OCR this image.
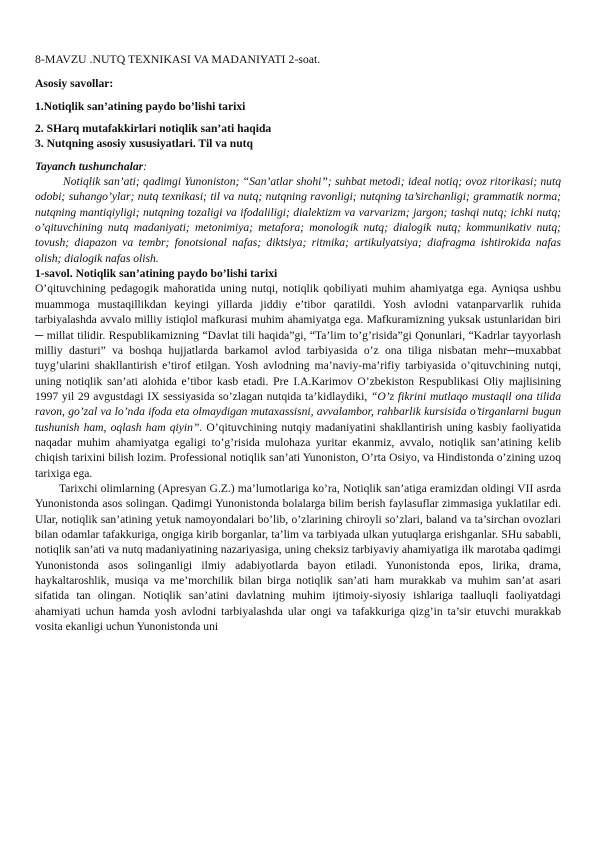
8-MAVZU .NUTQ TEXNIKASI VA MADANIYATI 2-soat.
Asosiy savollar:
1.Notiqlik san’atining paydo bo’lishi tarixi
2. SHarq mutafakkirlari notiqlik san’ati haqida
3. Nutqning asosiy xususiyatlari. Til va nutq
Tayanch tushunchalar:

Notiqlik san’ati; qadimgi Yunoniston; “San’atlar shohi”; suhbat metodi; ideal notiq; ovoz ritorikasi; nutq odobi; suhango’ylar; nutq texnikasi; til va nutq; nutqning ravonligi; nutqning ta’sirchanligi; grammatik norma; nutqning mantiqiyligi; nutqning tozaligi va ifodaliligi; dialektizm va varvarizm; jargon; tashqi nutq; ichki nutq; o’qituvchining nutq madaniyati; metonimiya; metafora; monologik nutq; dialogik nutq; kommunikativ nutq; tovush; diapazon va tembr; fonotsional nafas; diktsiya; ritmika; artikulyatsiya; diafragma ishtirokida nafas olish; dialogik nafas olish.

1-savol. Notiqlik san’atining paydo bo’lishi tarixi

O’qituvchining pedagogik mahoratida uning nutqi, notiqlik qobiliyati muhim ahamiyatga ega. Ayniqsa ushbu muammoga mustaqillikdan keyingi yillarda jiddiy e’tibor qaratildi. Yosh avlodni vatanparvarlik ruhida tarbiyalashda avvalo milliy istiqlol mafkurasi muhim ahamiyatga ega. Mafkuramizning yuksak ustunlaridan biri ─ millat tilidir. Respublikamizning “Davlat tili haqida”gi, “Ta’lim to’g’risida”gi Qonunlari, “Kadrlar tayyorlash milliy dasturi” va boshqa hujjatlarda barkamol avlod tarbiyasida o’z ona tiliga nisbatan mehr─muxabbat tuyg’ularini shakllantirish e’tirof etilgan. Yosh avlodning ma’naviy-ma’rifiy tarbiyasida o’qituvchining nutqi, uning notiqlik san’ati alohida e’tibor kasb etadi. Pre I.A.Karimov O’zbekiston Respublikasi Oliy majlisining 1997 yil 29 avgustdagi IX sessiyasida so’zlagan nutqida ta’kidlaydiki, “O’z fikrini mutlaqo mustaqil ona tilida ravon, go’zal va lo’nda ifoda eta olmaydigan mutaxassisni, avvalambor, rahbarlik kursisida o’tirganlarni bugun tushunish ham, oqlash ham qiyin”. O’qituvchining nutqiy madaniyatini shakllantirish uning kasbiy faoliyatida naqadar muhim ahamiyatga egaligi to’g’risida mulohaza yuritar ekanmiz, avvalo, notiqlik san’atining kelib chiqish tarixini bilish lozim. Professional notiqlik san’ati Yunoniston, O’rta Osiyo, va Hindistonda o’zining uzoq tarixiga ega.

Tarixchi olimlarning (Apresyan G.Z.) ma’lumotlariga ko’ra, Notiqlik san’atiga eramizdan oldingi VII asrda Yunonistonda asos solingan. Qadimgi Yunonistonda bolalarga bilim berish faylasuflar zimmasiga yuklatilar edi. Ular, notiqlik san’atining yetuk namoyondalari bo’lib, o’zlarining chiroyli so’zlari, baland va ta’sirchan ovozlari bilan odamlar tafakkuriga, ongiga kirib borganlar, ta’lim va tarbiyada ulkan yutuqlarga erishganlar. SHu sababli, notiqlik san’ati va nutq madaniyatining nazariyasiga, uning cheksiz tarbiyaviy ahamiyatiga ilk marotaba qadimgi Yunonistonda asos solinganligi ilmiy adabiyotlarda bayon etiladi. Yunonistonda epos, lirika, drama, haykaltaroshlik, musiqa va me’morchilik bilan birga notiqlik san’ati ham murakkab va muhim san’at asari sifatida tan olingan. Notiqlik san’atini davlatning muhim ijtimoiy-siyosiy ishlariga taalluqli faoliyatdagi ahamiyati uchun hamda yosh avlodni tarbiyalashda ular ongi va tafakkuriga qizg’in ta’sir etuvchi murakkab vosita ekanligi uchun Yunonistonda uni
